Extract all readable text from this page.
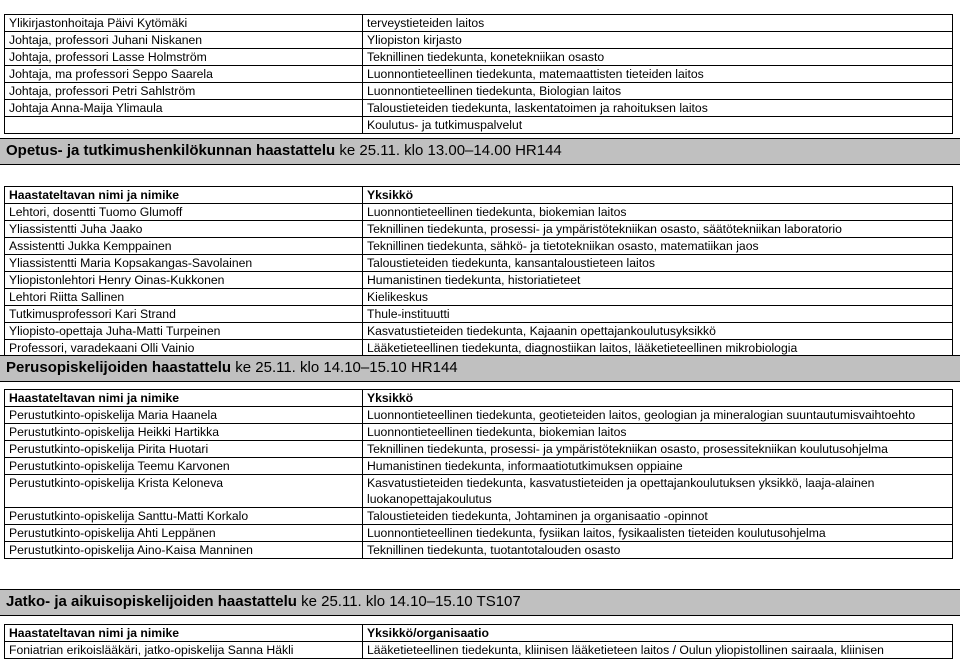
Ylikirjastonhoitaja Päivi Kytömäki	terveystieteiden laitos
Johtaja, professori Juhani Niskanen	Yliopiston kirjasto
Johtaja, professori Lasse Holmström	Teknillinen tiedekunta, konetekniikan osasto
Johtaja, ma professori Seppo Saarela	Luonnontieteellinen tiedekunta, matemaattisten tieteiden laitos
Johtaja, professori Petri Sahlström	Luonnontieteellinen tiedekunta, Biologian laitos
Johtaja Anna-Maija Ylimaula	Taloustieteiden tiedekunta, laskentatoimen ja rahoituksen laitos
	Koulutus- ja tutkimuspalvelut
Opetus- ja tutkimushenkilökunnan haastattelu ke 25.11. klo 13.00–14.00 HR144
Haastateltavan nimi ja nimike	Yksikkö
Lehtori, dosentti Tuomo Glumoff	Luonnontieteellinen tiedekunta, biokemian laitos
Yliassistentti Juha Jaako	Teknillinen tiedekunta, prosessi- ja ympäristötekniikan osasto, säätötekniikan laboratorio
Assistentti Jukka Kemppainen	Teknillinen tiedekunta, sähkö- ja tietotekniikan osasto, matematiikan jaos
Yliassistentti Maria Kopsakangas-Savolainen	Taloustieteiden tiedekunta, kansantaloustieteen laitos
Yliopistonlehtori Henry Oinas-Kukkonen	Humanistinen tiedekunta, historiatieteet
Lehtori Riitta Sallinen	Kielikeskus
Tutkimusprofessori Kari Strand	Thule-instituutti
Yliopisto-opettaja Juha-Matti Turpeinen	Kasvatustieteiden tiedekunta, Kajaanin opettajankoulutusyksikkö
Professori, varadekaani Olli Vainio	Lääketieteellinen tiedekunta, diagnostiikan laitos, lääketieteellinen mikrobiologia
Perusopiskelijoiden haastattelu ke 25.11. klo 14.10–15.10 HR144
Haastateltavan nimi ja nimike	Yksikkö
Perustutkinto-opiskelija Maria Haanela	Luonnontieteellinen tiedekunta, geotieteiden laitos, geologian ja mineralogian suuntautumisvaihtoehto
Perustutkinto-opiskelija Heikki Hartikka	Luonnontieteellinen tiedekunta, biokemian laitos
Perustutkinto-opiskelija Pirita Huotari	Teknillinen tiedekunta, prosessi- ja ympäristötekniikan osasto, prosessitekniikan koulutusohjelma
Perustutkinto-opiskelija Teemu Karvonen	Humanistinen tiedekunta, informaatiotutkimuksen oppiaine
Perustutkinto-opiskelija Krista Keloneva	Kasvatustieteiden tiedekunta, kasvatustieteiden ja opettajankoulutuksen yksikkö, laaja-alainen luokanopettajakoulutus
Perustutkinto-opiskelija Santtu-Matti Korkalo	Taloustieteiden tiedekunta, Johtaminen ja organisaatio -opinnot
Perustutkinto-opiskelija Ahti Leppänen	Luonnontieteellinen tiedekunta, fysiikan laitos, fysikaalisten tieteiden koulutusohjelma
Perustutkinto-opiskelija Aino-Kaisa Manninen	Teknillinen tiedekunta, tuotantotalouden osasto
Jatko- ja aikuisopiskelijoiden haastattelu ke 25.11. klo 14.10–15.10 TS107
Haastateltavan nimi ja nimike	Yksikkö/organisaatio
Foniatrian erikoislääkäri, jatko-opiskelija Sanna Häkli	Lääketieteellinen tiedekunta, kliinisen lääketieteen laitos / Oulun yliopistollinen sairaala, kliinisen
